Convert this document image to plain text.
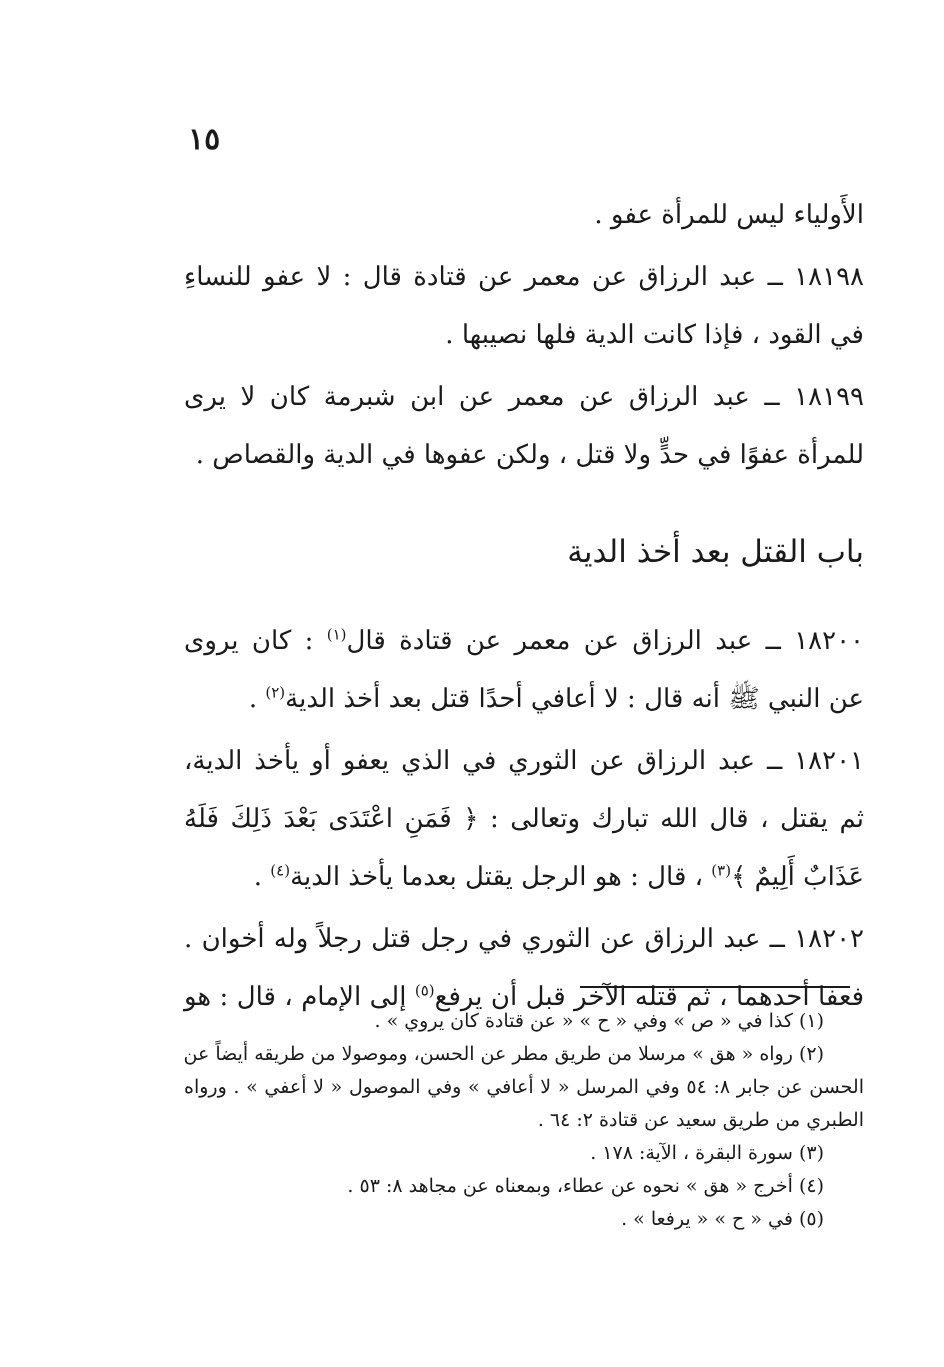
١٥
الأَولياء ليس للمرأة عفو .
١٨١٩٨ ــ عبد الرزاق عن معمر عن قتادة قال : لا عفو للنساءِ
في القود ، فإذا كانت الدية فلها نصيبها .
١٨١٩٩ ــ عبد الرزاق عن معمر عن ابن شبرمة كان لا يرى
للمرأة عفوًا في حدٍّ ولا قتل ، ولكن عفوها في الدية والقصاص .
باب القتل بعد أخذ الدية
١٨٢٠٠ ــ عبد الرزاق عن معمر عن قتادة قال$^{(١)}$ : كان يروى
عن النبي ﷺ أنه قال : لا أعافي أحدًا قتل بعد أخذ الدية$^{(٢)}$ .
١٨٢٠١ ــ عبد الرزاق عن الثوري في الذي يعفو أو يأخذ الدية،
ثم يقتل ، قال الله تبارك وتعالى : ﴿ فَمَنِ اعْتَدَى بَعْدَ ذَلِكَ فَلَهُ
عَذَابٌ أَلِيمٌ ﴾$^{(٣)}$ ، قال : هو الرجل يقتل بعدما يأخذ الدية$^{(٤)}$ .
١٨٢٠٢ ــ عبد الرزاق عن الثوري في رجل قتل رجلاً وله أخوان .
فعفا أحدهما ، ثم قتله الآخر قبل أن يرفع$^{(٥)}$ إلى الإمام ، قال : هو
(١) كذا في « ص » وفي « ح » « عن قتادة كان يروي » .
(٢) رواه « هق » مرسلا من طريق مطر عن الحسن، وموصولا من طريقه أيضاً عن
الحسن عن جابر ٨: ٥٤ وفي المرسل « لا أعافي » وفي الموصول « لا أعفي » . ورواه
الطبري من طريق سعيد عن قتادة ٢: ٦٤ .
(٣) سورة البقرة ، الآية: ١٧٨ .
(٤) أخرج « هق » نحوه عن عطاء، وبمعناه عن مجاهد ٨: ٥٣ .
(٥) في « ح » « يرفعا » .
